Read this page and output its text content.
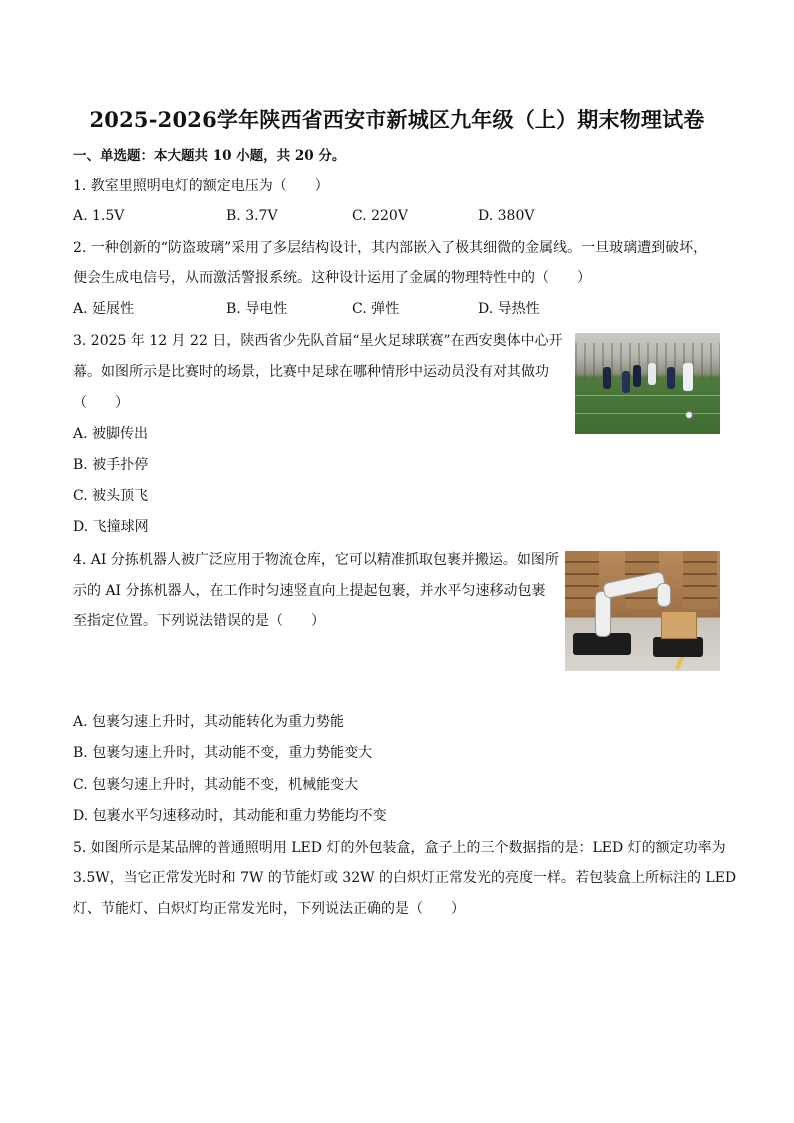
2025-2026学年陕西省西安市新城区九年级（上）期末物理试卷
一、单选题：本大题共 10 小题，共 20 分。
1. 教室里照明电灯的额定电压为（　　）
A. 1.5V	B. 3.7V	C. 220V	D. 380V
2. 一种创新的“防盗玻璃”采用了多层结构设计，其内部嵌入了极其细微的金属线。一旦玻璃遭到破坏，
便会生成电信号，从而激活警报系统。这种设计运用了金属的物理特性中的（　　）
A. 延展性	B. 导电性	C. 弹性	D. 导热性
3. 2025 年 12 月 22 日，陕西省少先队首届“星火足球联赛”在西安奥体中心开
幕。如图所示是比赛时的场景，比赛中足球在哪种情形中运动员没有对其做功
（　　）
A. 被脚传出
B. 被手扑停
C. 被头顶飞
D. 飞撞球网
4. AI 分拣机器人被广泛应用于物流仓库，它可以精准抓取包裹并搬运。如图所
示的 AI 分拣机器人，在工作时匀速竖直向上提起包裹，并水平匀速移动包裹
至指定位置。下列说法错误的是（　　）
A. 包裹匀速上升时，其动能转化为重力势能
B. 包裹匀速上升时，其动能不变，重力势能变大
C. 包裹匀速上升时，其动能不变，机械能变大
D. 包裹水平匀速移动时，其动能和重力势能均不变
5. 如图所示是某品牌的普通照明用 LED 灯的外包装盒，盒子上的三个数据指的是：LED 灯的额定功率为
3.5W，当它正常发光时和 7W 的节能灯或 32W 的白炽灯正常发光的亮度一样。若包装盒上所标注的 LED
灯、节能灯、白炽灯均正常发光时，下列说法正确的是（　　）
